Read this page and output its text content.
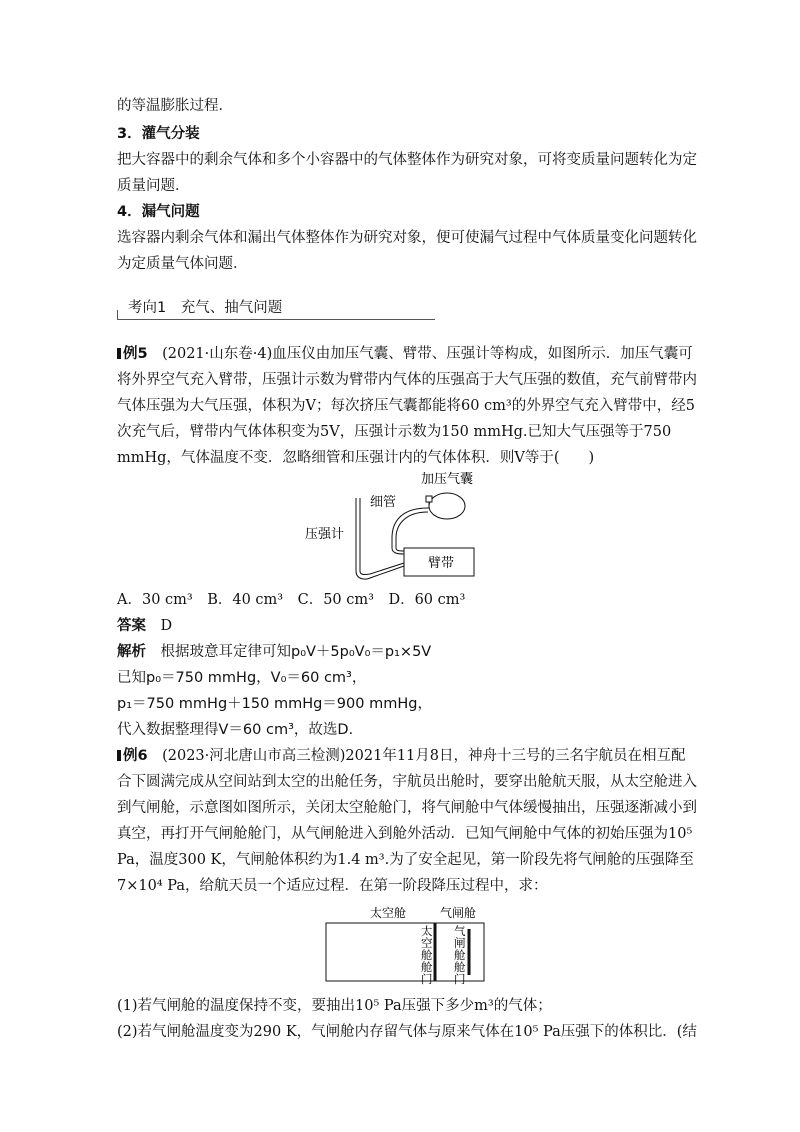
的等温膨胀过程．
3．灌气分装
把大容器中的剩余气体和多个小容器中的气体整体作为研究对象，可将变质量问题转化为定
质量问题．
4．漏气问题
选容器内剩余气体和漏出气体整体作为研究对象，便可使漏气过程中气体质量变化问题转化
为定质量气体问题．
考向1　充气、抽气问题
例5　 (2021·山东卷·4)血压仪由加压气囊、臂带、压强计等构成，如图所示．加压气囊可
将外界空气充入臂带，压强计示数为臂带内气体的压强高于大气压强的数值，充气前臂带内
气体压强为大气压强，体积为V；每次挤压气囊都能将60 cm³的外界空气充入臂带中，经5
次充气后，臂带内气体体积变为5V，压强计示数为150 mmHg.已知大气压强等于750
mmHg，气体温度不变．忽略细管和压强计内的气体体积．则V等于(　　)
加压气囊
细管
压强计
臂带
A．30 cm³　B．40 cm³　C．50 cm³　D．60 cm³
答案　 D
解析　 根据玻意耳定律可知p₀V＋5p₀V₀＝p₁×5V
已知p₀＝750 mmHg，V₀＝60 cm³，
p₁＝750 mmHg＋150 mmHg＝900 mmHg，
代入数据整理得V＝60 cm³，故选D.
例6　 (2023·河北唐山市高三检测)2021年11月8日，神舟十三号的三名宇航员在相互配
合下圆满完成从空间站到太空的出舱任务，宇航员出舱时，要穿出舱航天服，从太空舱进入
到气闸舱，示意图如图所示，关闭太空舱舱门，将气闸舱中气体缓慢抽出，压强逐渐减小到
真空，再打开气闸舱舱门，从气闸舱进入到舱外活动．已知气闸舱中气体的初始压强为10⁵
Pa，温度300 K，气闸舱体积约为1.4 m³.为了安全起见，第一阶段先将气闸舱的压强降至
7×10⁴ Pa，给航天员一个适应过程．在第一阶段降压过程中，求：
太空舱	气闸舱
太空舱舱门
气闸舱舱门
(1)若气闸舱的温度保持不变，要抽出10⁵ Pa压强下多少m³的气体；
(2)若气闸舱温度变为290 K，气闸舱内存留气体与原来气体在10⁵ Pa压强下的体积比．(结
